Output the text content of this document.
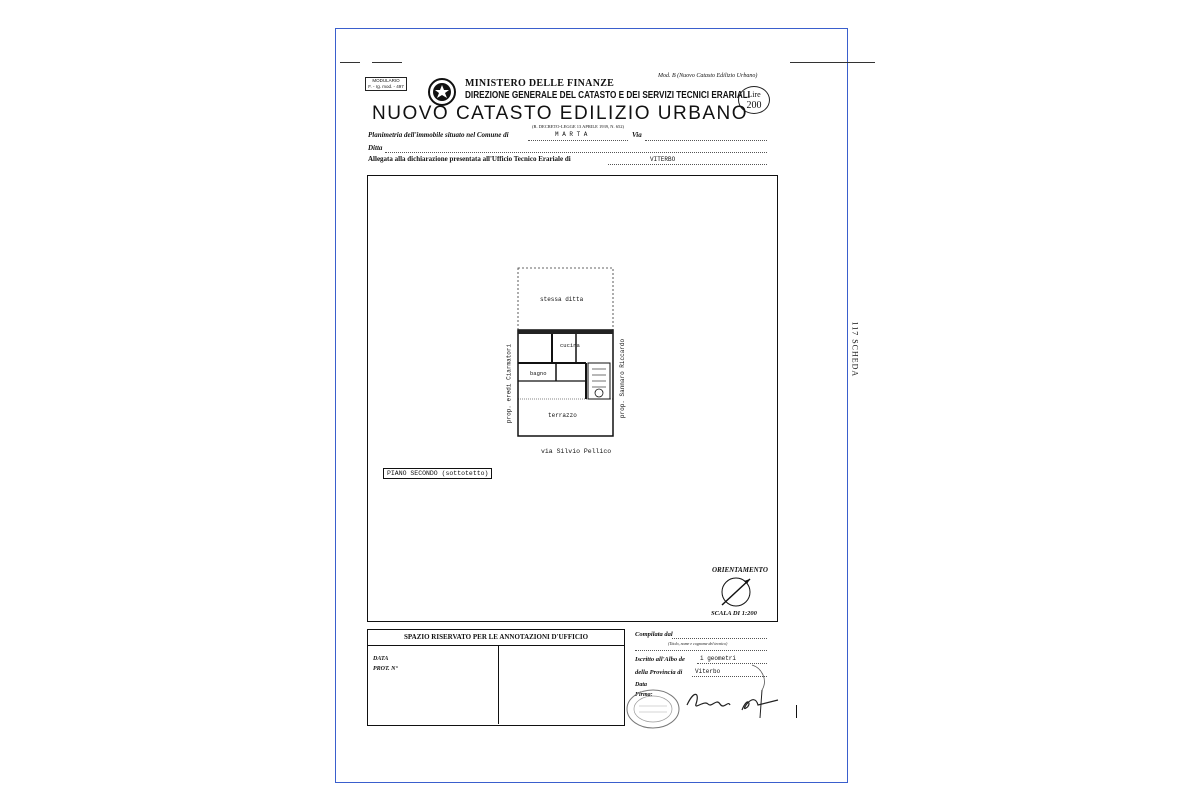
117 SCHEDA
MODULARIO
F. - rg. mod. - 497	MINISTERO DELLE FINANZE
DIREZIONE GENERALE DEL CATASTO E DEI SERVIZI TECNICI ERARIALI
Mod. B (Nuovo Catasto Edilizio Urbano)
Lire
200
NUOVO CATASTO EDILIZIO URBANO
(R. DECRETO-LEGGE 13 APRILE 1939, N. 652)
Planimetria dell'immobile situato nel Comune di	M A R T A	Via
Ditta
Allegata alla dichiarazione presentata all'Ufficio Tecnico Erariale di	VITERBO
stessa ditta
cucina
bagno
terrazzo
prop. eredi Ciarmatori	prop. Sannaro Riccardo
via Silvio Pellico
PIANO SECONDO (sottotetto)
ORIENTAMENTO
SCALA DI 1:200
SPAZIO RISERVATO PER LE ANNOTAZIONI D'UFFICIO
DATA
PROT. N°
Compilata dal
(Titolo, nome e cognome del tecnico)
Iscritto all'Albo de	i geometri
della Provincia di Viterbo
Data
Firma:
